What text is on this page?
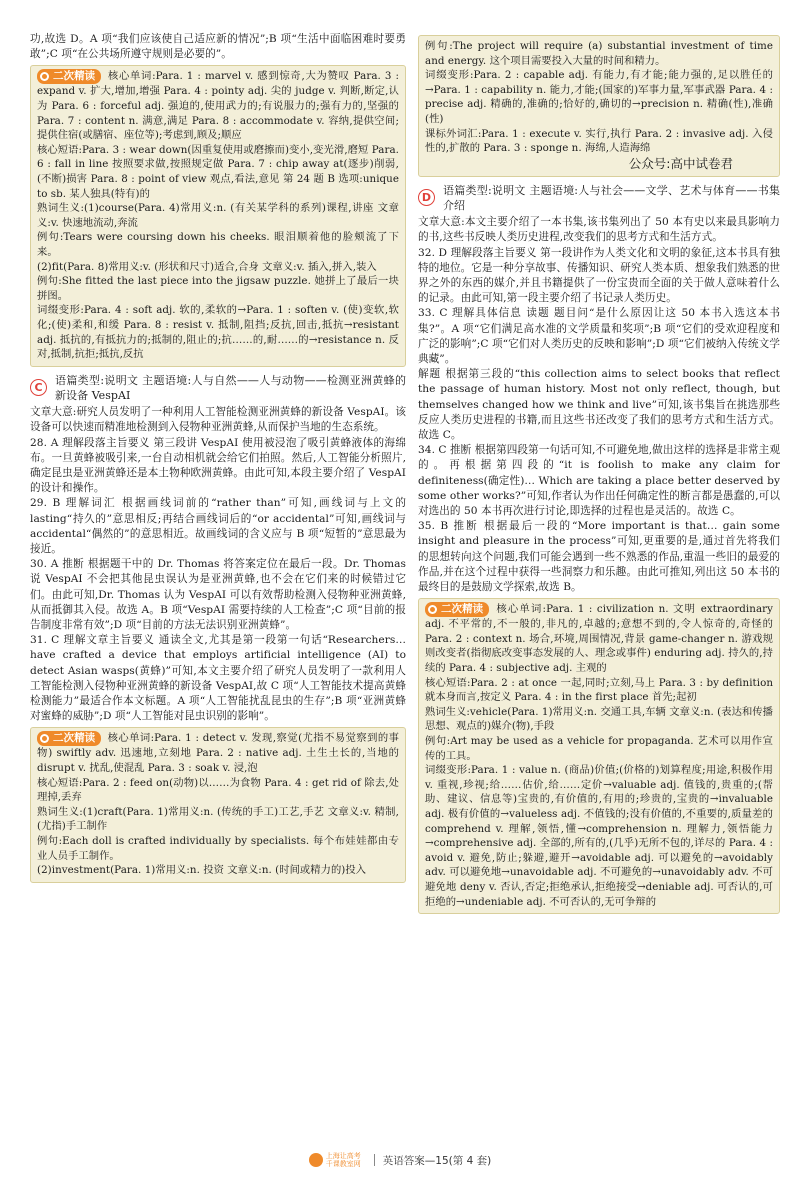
功,故选 D。A 项“我们应该使自己适应新的情况”;B 项“生活中面临困难时要勇敢”;C 项“在公共场所遵守规则是必要的”。

二次精读 核心单词:Para. 1 : marvel v. 感到惊奇,大为赞叹 Para. 3 : expand v. 扩大,增加,增强 Para. 4 : pointy adj. 尖的 judge v. 判断,断定,认为 Para. 6 : forceful adj. 强迫的,使用武力的;有说服力的;强有力的,坚强的 Para. 7 : content n. 满意,满足 Para. 8 : accommodate v. 容纳,提供空间;提供住宿(或膳宿、座位等);考虑到,顾及;顺应

核心短语:Para. 3 : wear down(因重复使用或磨擦而)变小,变光滑,磨短 Para. 6 : fall in line 按照要求做,按照规定做 Para. 7 : chip away at(逐步)削弱,(不断)损害 Para. 8 : point of view 观点,看法,意见 第 24 题 B 选项:unique to sb. 某人独具(特有)的

熟词生义:(1)course(Para. 4)常用义:n. (有关某学科的系列)课程,讲座 文章义:v. 快速地流动,奔流

例句:Tears were coursing down his cheeks. 眼泪顺着他的脸颊流了下来。

(2)fit(Para. 8)常用义:v. (形状和尺寸)适合,合身 文章义:v. 插入,拼入,装入

例句:She fitted the last piece into the jigsaw puzzle. 她拼上了最后一块拼图。

词缀变形:Para. 4 : soft adj. 软的,柔软的→Para. 1 : soften v. (使)变软,软化;(使)柔和,和缓 Para. 8 : resist v. 抵制,阻挡;反抗,回击,抵抗→resistant adj. 抵抗的,有抵抗力的;抵制的,阻止的;抗……的,耐……的→resistance n. 反对,抵制,抗拒;抵抗,反抗

C

语篇类型:说明文 主题语境:人与自然——人与动物——检测亚洲黄蜂的新设备 VespAI

文章大意:研究人员发明了一种利用人工智能检测亚洲黄蜂的新设备 VespAI。该设备可以快速而精准地检测到入侵物种亚洲黄蜂,从而保护当地的生态系统。

28. A 理解段落主旨要义 第三段讲 VespAI 使用被浸泡了吸引黄蜂液体的海绵布。一旦黄蜂被吸引来,一台自动相机就会给它们拍照。然后,人工智能分析照片,确定昆虫是亚洲黄蜂还是本土物种欧洲黄蜂。由此可知,本段主要介绍了 VespAI 的设计和操作。

29. B 理解词汇 根据画线词前的“rather than”可知,画线词与上文的 lasting“持久的”意思相反;再结合画线词后的“or accidental”可知,画线词与 accidental“偶然的”的意思相近。故画线词的含义应与 B 项“短暂的”意思最为接近。

30. A 推断 根据题干中的 Dr. Thomas 将答案定位在最后一段。Dr. Thomas 说 VespAI 不会把其他昆虫误认为是亚洲黄蜂,也不会在它们来的时候错过它们。由此可知,Dr. Thomas 认为 VespAI 可以有效帮助检测入侵物种亚洲黄蜂,从而抵御其入侵。故选 A。B 项“VespAI 需要持续的人工检查”;C 项“目前的报告制度非常有效”;D 项“目前的方法无法识别亚洲黄蜂”。

31. C 理解文章主旨要义 通读全文,尤其是第一段第一句话“Researchers… have crafted a device that employs artificial intelligence (AI) to detect Asian wasps(黄蜂)”可知,本文主要介绍了研究人员发明了一款利用人工智能检测入侵物种亚洲黄蜂的新设备 VespAI,故 C 项“人工智能技术提高黄蜂检测能力”最适合作本文标题。A 项“人工智能扰乱昆虫的生存”;B 项“亚洲黄蜂对蜜蜂的威胁”;D 项“人工智能对昆虫识别的影响”。

二次精读 核心单词:Para. 1 : detect v. 发现,察觉(尤指不易觉察到的事物) swiftly adv. 迅速地,立刻地 Para. 2 : native adj. 土生土长的,当地的 disrupt v. 扰乱,使混乱 Para. 3 : soak v. 浸,泡

核心短语:Para. 2 : feed on(动物)以……为食物 Para. 4 : get rid of 除去,处理掉,丢弃

熟词生义:(1)craft(Para. 1)常用义:n. (传统的手工)工艺,手艺 文章义:v. 精制,(尤指)手工制作

例句:Each doll is crafted individually by specialists. 每个布娃娃都由专业人员手工制作。

(2)investment(Para. 1)常用义:n. 投资 文章义:n. (时间或精力的)投入

例句:The project will require (a) substantial investment of time and energy. 这个项目需要投入大量的时间和精力。

词缀变形:Para. 2 : capable adj. 有能力,有才能;能力强的,足以胜任的→Para. 1 : capability n. 能力,才能;(国家的)军事力量,军事武器 Para. 4 : precise adj. 精确的,准确的;恰好的,确切的→precision n. 精确(性),准确(性)

课标外词汇:Para. 1 : execute v. 实行,执行 Para. 2 : invasive adj. 入侵性的,扩散的 Para. 3 : sponge n. 海绵,人造海绵

公众号:高中试卷君
D

语篇类型:说明文 主题语境:人与社会——文学、艺术与体育——书集介绍

文章大意:本文主要介绍了一本书集,该书集列出了 50 本有史以来最具影响力的书,这些书反映人类历史进程,改变我们的思考方式和生活方式。

32. D 理解段落主旨要义 第一段讲作为人类文化和文明的象征,这本书具有独特的地位。它是一种分享故事、传播知识、研究人类本质、想象我们熟悉的世界之外的东西的媒介,并且书籍提供了一份宝贵而全面的关于做人意味着什么的记录。由此可知,第一段主要介绍了书记录人类历史。

33. C 理解具体信息 读题 题目问“是什么原因让这 50 本书入选这本书集?”。A 项“它们满足高水准的文学质量和奖项”;B 项“它们的受欢迎程度和广泛的影响”;C 项“它们对人类历史的反映和影响”;D 项“它们被纳入传统文学典藏”。

解题 根据第三段的“this collection aims to select books that reflect the passage of human history. Most not only reflect, though, but themselves changed how we think and live”可知,该书集旨在挑选那些反应人类历史进程的书籍,而且这些书还改变了我们的思考方式和生活方式。故选 C。

34. C 推断 根据第四段第一句话可知,不可避免地,做出这样的选择是非常主观的。再根据第四段的“it is foolish to make any claim for definiteness(确定性)… Which are taking a place better deserved by some other works?”可知,作者认为作出任何确定性的断言都是愚蠢的,可以对选出的 50 本书再次进行讨论,即选择的过程也是灵活的。故选 C。

35. B 推断 根据最后一段的“More important is that… gain some insight and pleasure in the process”可知,更重要的是,通过首先将我们的思想转向这个问题,我们可能会遇到一些不熟悉的作品,重温一些旧的最爱的作品,并在这个过程中获得一些洞察力和乐趣。由此可推知,列出这 50 本书的最终目的是鼓励文学探索,故选 B。

二次精读 核心单词:Para. 1 : civilization n. 文明 extraordinary adj. 不平常的,不一般的,非凡的,卓越的;意想不到的,令人惊奇的,奇怪的 Para. 2 : context n. 场合,环境,周围情况,背景 game-changer n. 游戏规则改变者(指彻底改变事态发展的人、理念或事件) enduring adj. 持久的,持续的 Para. 4 : subjective adj. 主观的

核心短语:Para. 2 : at once 一起,同时;立刻,马上 Para. 3 : by definition 就本身而言,按定义 Para. 4 : in the first place 首先;起初

熟词生义:vehicle(Para. 1)常用义:n. 交通工具,车辆 文章义:n. (表达和传播思想、观点的)媒介(物),手段

例句:Art may be used as a vehicle for propaganda. 艺术可以用作宣传的工具。

词缀变形:Para. 1 : value n. (商品)价值;(价格的)划算程度;用途,积极作用 v. 重视,珍视;给……估价,给……定价→valuable adj. 值钱的,贵重的;(帮助、建议、信息等)宝贵的,有价值的,有用的;珍贵的,宝贵的→invaluable adj. 极有价值的→valueless adj. 不值钱的;没有价值的,不重要的,质量差的 comprehend v. 理解,领悟,懂→comprehension n. 理解力,领悟能力→comprehensive adj. 全部的,所有的,(几乎)无所不包的,详尽的 Para. 4 : avoid v. 避免,防止;躲避,避开→avoidable adj. 可以避免的→avoidably adv. 可以避免地→unavoidable adj. 不可避免的→unavoidably adv. 不可避免地 deny v. 否认,否定;拒绝承认,拒绝接受→deniable adj. 可否认的,可拒绝的→undeniable adj. 不可否认的,无可争辩的

上海让高考 千课教室网 英语答案—15(第 4 套)
